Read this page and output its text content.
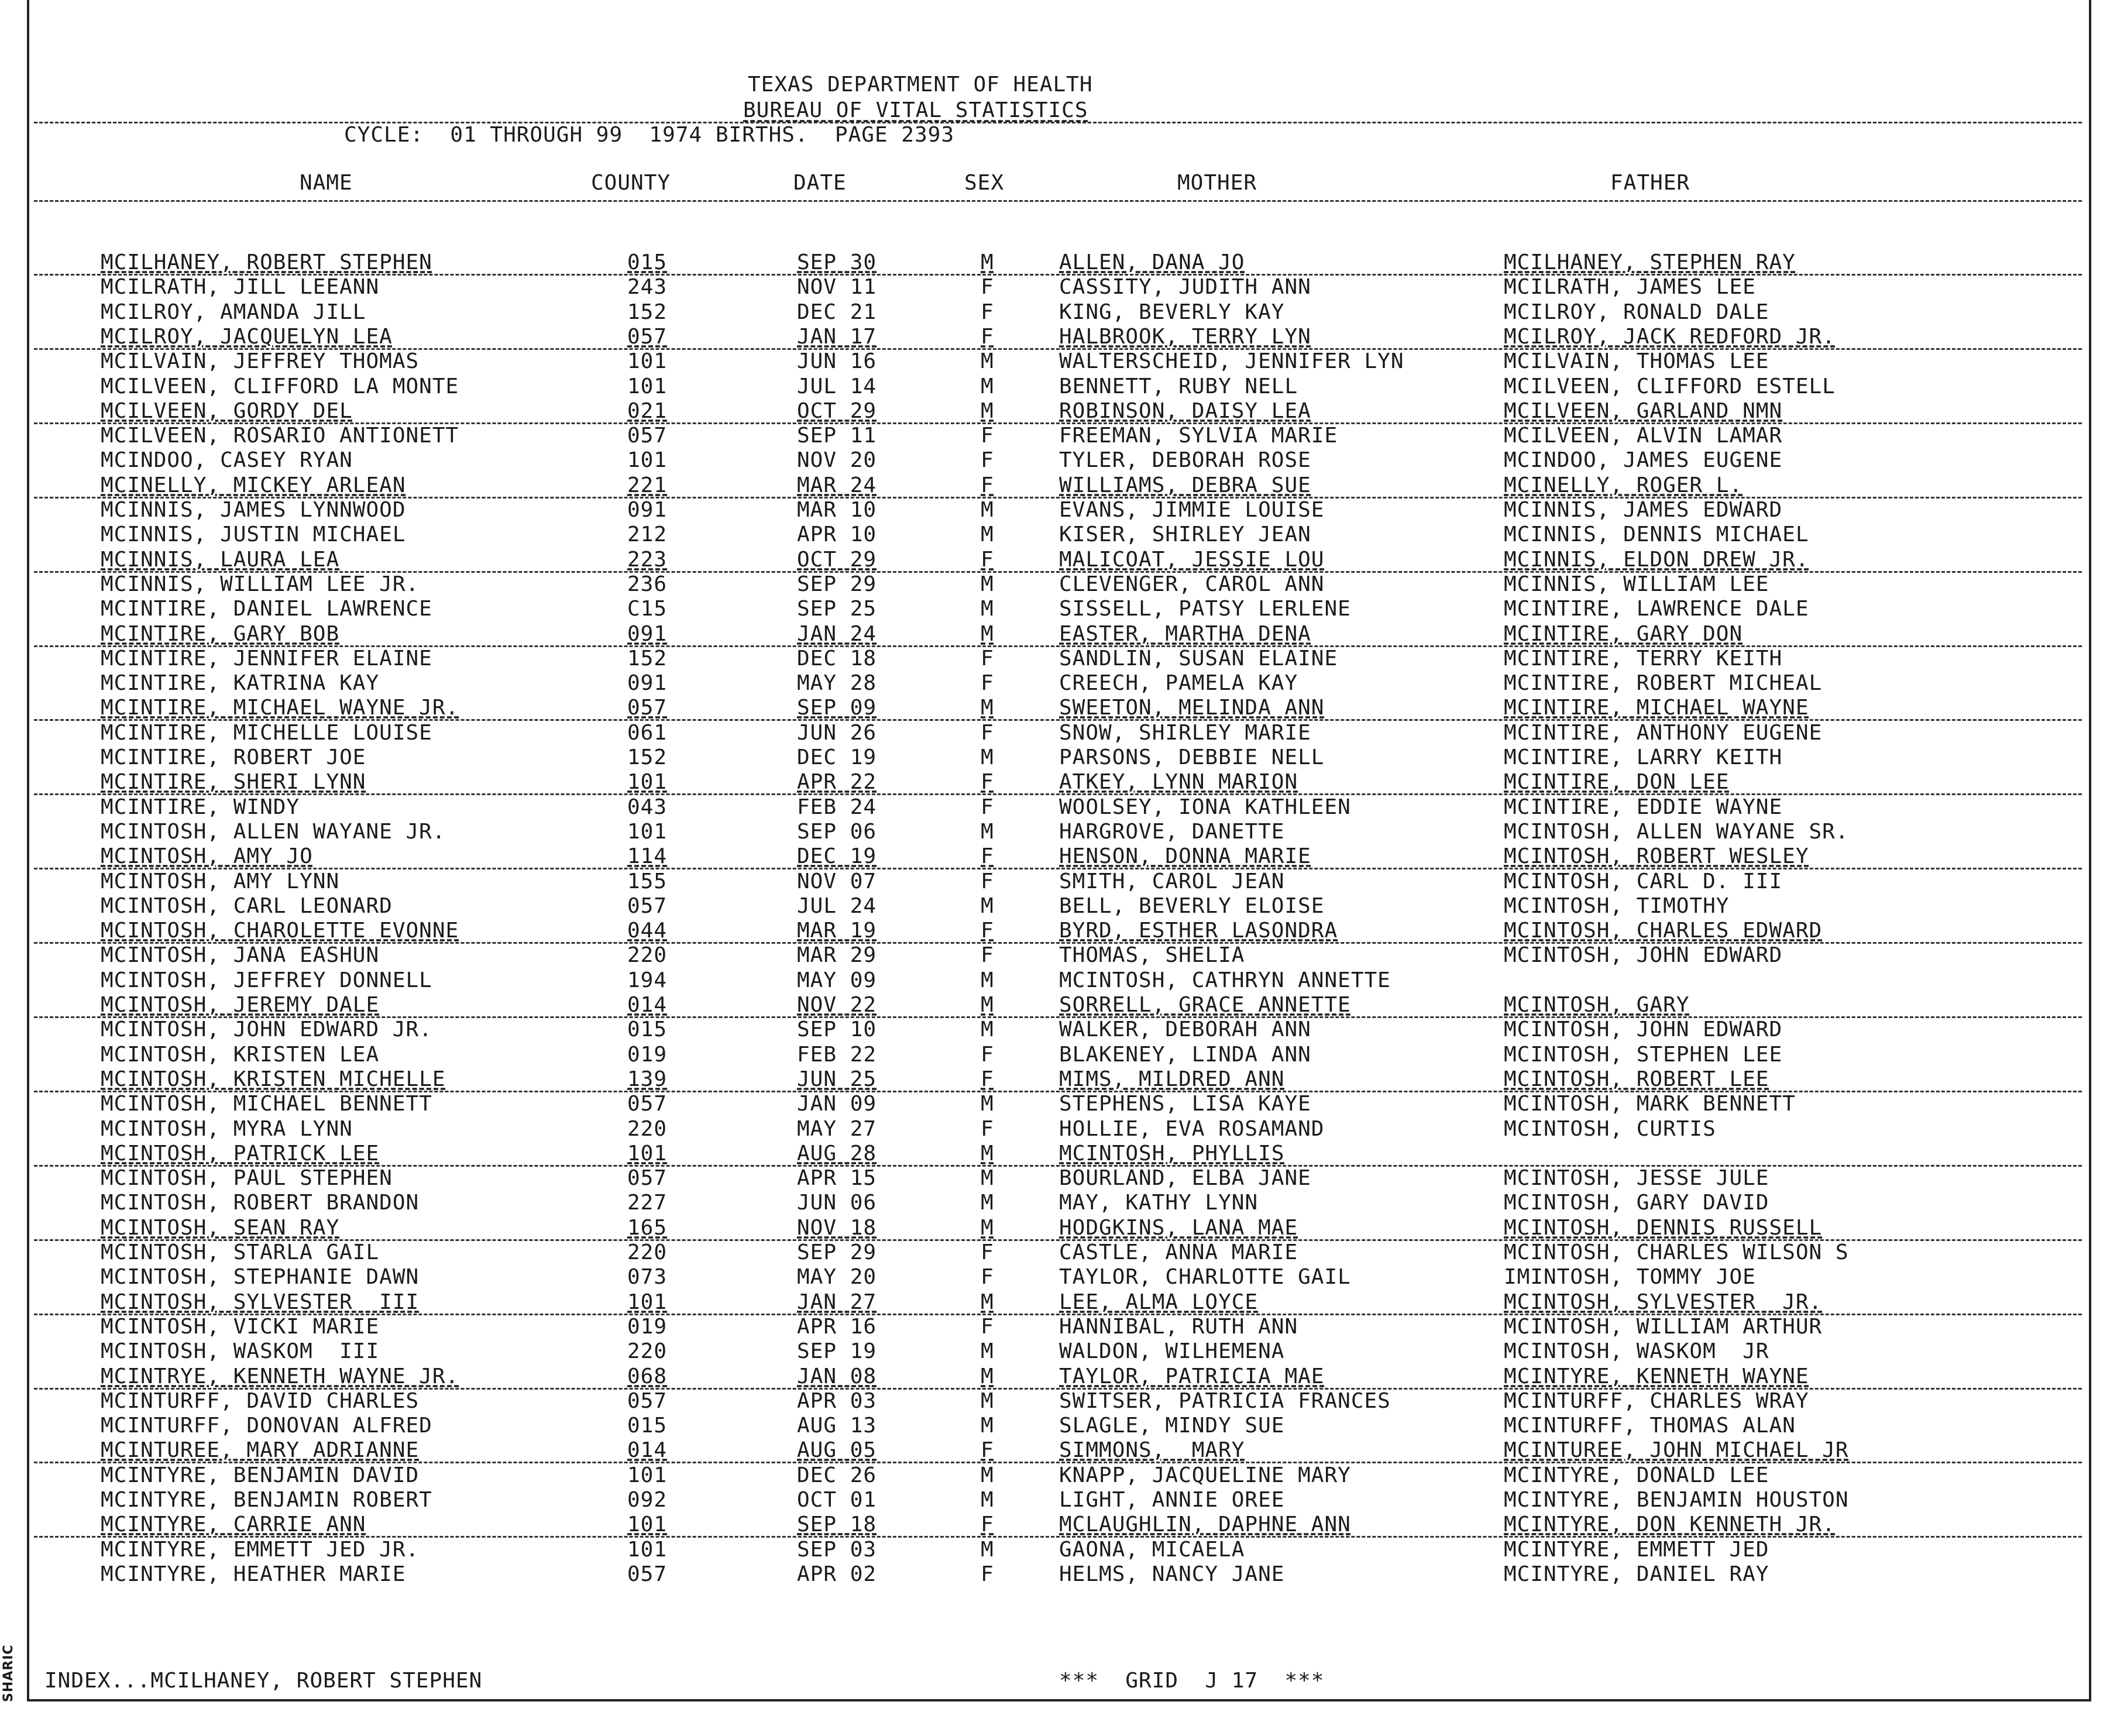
SHARIC
TEXAS DEPARTMENT OF HEALTH
BUREAU OF VITAL STATISTICS
CYCLE:  01 THROUGH 99  1974 BIRTHS.  PAGE 2393
NAME	COUNTY	DATE	SEX	MOTHER	FATHER
MCILHANEY, ROBERT STEPHEN	015	SEP 30	M	ALLEN, DANA JO	MCILHANEY, STEPHEN RAY
MCILRATH, JILL LEEANN	243	NOV 11	F	CASSITY, JUDITH ANN	MCILRATH, JAMES LEE
MCILROY, AMANDA JILL	152	DEC 21	F	KING, BEVERLY KAY	MCILROY, RONALD DALE
MCILROY, JACQUELYN LEA	057	JAN 17	F	HALBROOK, TERRY LYN	MCILROY, JACK REDFORD JR.
MCILVAIN, JEFFREY THOMAS	101	JUN 16	M	WALTERSCHEID, JENNIFER LYN	MCILVAIN, THOMAS LEE
MCILVEEN, CLIFFORD LA MONTE	101	JUL 14	M	BENNETT, RUBY NELL	MCILVEEN, CLIFFORD ESTELL
MCILVEEN, GORDY DEL	021	OCT 29	M	ROBINSON, DAISY LEA	MCILVEEN, GARLAND NMN
MCILVEEN, ROSARIO ANTIONETT	057	SEP 11	F	FREEMAN, SYLVIA MARIE	MCILVEEN, ALVIN LAMAR
MCINDOO, CASEY RYAN	101	NOV 20	F	TYLER, DEBORAH ROSE	MCINDOO, JAMES EUGENE
MCINELLY, MICKEY ARLEAN	221	MAR 24	F	WILLIAMS, DEBRA SUE	MCINELLY, ROGER L.
MCINNIS, JAMES LYNNWOOD	091	MAR 10	M	EVANS, JIMMIE LOUISE	MCINNIS, JAMES EDWARD
MCINNIS, JUSTIN MICHAEL	212	APR 10	M	KISER, SHIRLEY JEAN	MCINNIS, DENNIS MICHAEL
MCINNIS, LAURA LEA	223	OCT 29	F	MALICOAT, JESSIE LOU	MCINNIS, ELDON DREW JR.
MCINNIS, WILLIAM LEE JR.	236	SEP 29	M	CLEVENGER, CAROL ANN	MCINNIS, WILLIAM LEE
MCINTIRE, DANIEL LAWRENCE	C15	SEP 25	M	SISSELL, PATSY LERLENE	MCINTIRE, LAWRENCE DALE
MCINTIRE, GARY BOB	091	JAN 24	M	EASTER, MARTHA DENA	MCINTIRE, GARY DON
MCINTIRE, JENNIFER ELAINE	152	DEC 18	F	SANDLIN, SUSAN ELAINE	MCINTIRE, TERRY KEITH
MCINTIRE, KATRINA KAY	091	MAY 28	F	CREECH, PAMELA KAY	MCINTIRE, ROBERT MICHEAL
MCINTIRE, MICHAEL WAYNE JR.	057	SEP 09	M	SWEETON, MELINDA ANN	MCINTIRE, MICHAEL WAYNE
MCINTIRE, MICHELLE LOUISE	061	JUN 26	F	SNOW, SHIRLEY MARIE	MCINTIRE, ANTHONY EUGENE
MCINTIRE, ROBERT JOE	152	DEC 19	M	PARSONS, DEBBIE NELL	MCINTIRE, LARRY KEITH
MCINTIRE, SHERI LYNN	101	APR 22	F	ATKEY, LYNN MARION	MCINTIRE, DON LEE
MCINTIRE, WINDY	043	FEB 24	F	WOOLSEY, IONA KATHLEEN	MCINTIRE, EDDIE WAYNE
MCINTOSH, ALLEN WAYANE JR.	101	SEP 06	M	HARGROVE, DANETTE	MCINTOSH, ALLEN WAYANE SR.
MCINTOSH, AMY JO	114	DEC 19	F	HENSON, DONNA MARIE	MCINTOSH, ROBERT WESLEY
MCINTOSH, AMY LYNN	155	NOV 07	F	SMITH, CAROL JEAN	MCINTOSH, CARL D. III
MCINTOSH, CARL LEONARD	057	JUL 24	M	BELL, BEVERLY ELOISE	MCINTOSH, TIMOTHY
MCINTOSH, CHAROLETTE EVONNE	044	MAR 19	F	BYRD, ESTHER LASONDRA	MCINTOSH, CHARLES EDWARD
MCINTOSH, JANA EASHUN	220	MAR 29	F	THOMAS, SHELIA	MCINTOSH, JOHN EDWARD
MCINTOSH, JEFFREY DONNELL	194	MAY 09	M	MCINTOSH, CATHRYN ANNETTE
MCINTOSH, JEREMY DALE	014	NOV 22	M	SORRELL, GRACE ANNETTE	MCINTOSH, GARY
MCINTOSH, JOHN EDWARD JR.	015	SEP 10	M	WALKER, DEBORAH ANN	MCINTOSH, JOHN EDWARD
MCINTOSH, KRISTEN LEA	019	FEB 22	F	BLAKENEY, LINDA ANN	MCINTOSH, STEPHEN LEE
MCINTOSH, KRISTEN MICHELLE	139	JUN 25	F	MIMS, MILDRED ANN	MCINTOSH, ROBERT LEE
MCINTOSH, MICHAEL BENNETT	057	JAN 09	M	STEPHENS, LISA KAYE	MCINTOSH, MARK BENNETT
MCINTOSH, MYRA LYNN	220	MAY 27	F	HOLLIE, EVA ROSAMAND	MCINTOSH, CURTIS
MCINTOSH, PATRICK LEE	101	AUG 28	M	MCINTOSH, PHYLLIS
MCINTOSH, PAUL STEPHEN	057	APR 15	M	BOURLAND, ELBA JANE	MCINTOSH, JESSE JULE
MCINTOSH, ROBERT BRANDON	227	JUN 06	M	MAY, KATHY LYNN	MCINTOSH, GARY DAVID
MCINTOSH, SEAN RAY	165	NOV 18	M	HODGKINS, LANA MAE	MCINTOSH, DENNIS RUSSELL
MCINTOSH, STARLA GAIL	220	SEP 29	F	CASTLE, ANNA MARIE	MCINTOSH, CHARLES WILSON S
MCINTOSH, STEPHANIE DAWN	073	MAY 20	F	TAYLOR, CHARLOTTE GAIL	IMINTOSH, TOMMY JOE
MCINTOSH, SYLVESTER  III	101	JAN 27	M	LEE, ALMA LOYCE	MCINTOSH, SYLVESTER  JR.
MCINTOSH, VICKI MARIE	019	APR 16	F	HANNIBAL, RUTH ANN	MCINTOSH, WILLIAM ARTHUR
MCINTOSH, WASKOM  III	220	SEP 19	M	WALDON, WILHEMENA	MCINTOSH, WASKOM  JR
MCINTRYE, KENNETH WAYNE JR.	068	JAN 08	M	TAYLOR, PATRICIA MAE	MCINTYRE, KENNETH WAYNE
MCINTURFF, DAVID CHARLES	057	APR 03	M	SWITSER, PATRICIA FRANCES	MCINTURFF, CHARLES WRAY
MCINTURFF, DONOVAN ALFRED	015	AUG 13	M	SLAGLE, MINDY SUE	MCINTURFF, THOMAS ALAN
MCINTUREE, MARY ADRIANNE	014	AUG 05	F	SIMMONS,  MARY	MCINTUREE, JOHN MICHAEL JR
MCINTYRE, BENJAMIN DAVID	101	DEC 26	M	KNAPP, JACQUELINE MARY	MCINTYRE, DONALD LEE
MCINTYRE, BENJAMIN ROBERT	092	OCT 01	M	LIGHT, ANNIE OREE	MCINTYRE, BENJAMIN HOUSTON
MCINTYRE, CARRIE ANN	101	SEP 18	F	MCLAUGHLIN, DAPHNE ANN	MCINTYRE, DON KENNETH JR.
MCINTYRE, EMMETT JED JR.	101	SEP 03	M	GAONA, MICAELA	MCINTYRE, EMMETT JED
MCINTYRE, HEATHER MARIE	057	APR 02	F	HELMS, NANCY JANE	MCINTYRE, DANIEL RAY
INDEX...MCILHANEY, ROBERT STEPHEN	***  GRID  J 17  ***
